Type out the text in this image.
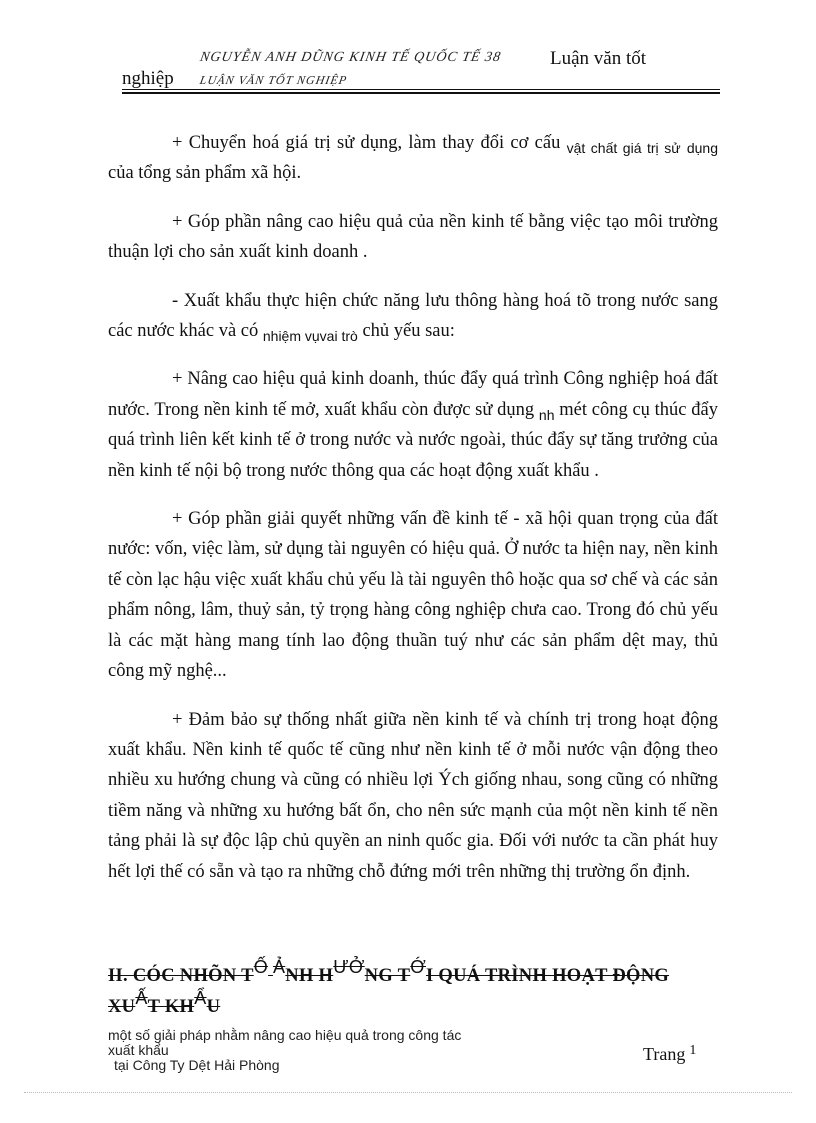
NGUYỄN ANH DŨNG KINH TẾ QUỐC TẾ 38
LUẬN VĂN TỐT NGHIỆP
Luận văn tốt
nghiệp

+ Chuyển hoá giá trị sử dụng, làm thay đổi cơ cấu $_{vật chất giá trị sử}$ $_{dụng}$ của tổng sản phẩm xã hội.

+ Góp phần nâng cao hiệu quả của nền kinh tế bằng việc tạo môi trường thuận lợi cho sản xuất kinh doanh .

- Xuất khẩu thực hiện chức năng lưu thông hàng hoá tõ trong nước sang các nước khác và có $_{nhiệm vụvai trò}$ chủ yếu sau:

+ Nâng cao hiệu quả kinh doanh, thúc đẩy quá trình Công nghiệp hoá đất nước. Trong nền kinh tế mở, xuất khẩu còn được sử dụng $_{nh}$ mét công cụ thúc đẩy quá trình liên kết kinh tế ở trong nước và nước ngoài, thúc đẩy sự tăng trưởng của nền kinh tế nội bộ trong nước thông qua các hoạt động xuất khẩu .

+ Góp phần giải quyết những vấn đề kinh tế - xã hội quan trọng của đất nước: vốn, việc làm, sử dụng tài nguyên có hiệu quả. Ở nước ta hiện nay, nền kinh tế còn lạc hậu việc xuất khẩu chủ yếu là tài nguyên thô hoặc qua sơ chế và các sản phẩm nông, lâm, thuỷ sản, tỷ trọng hàng công nghiệp chưa cao. Trong đó chủ yếu là các mặt hàng mang tính lao động thuần tuý như các sản phẩm dệt may, thủ công mỹ nghệ...

+ Đảm bảo sự thống nhất giữa nền kinh tế và chính trị trong hoạt động xuất khẩu. Nền kinh tế quốc tế cũng như nền kinh tế ở mỗi nước vận động theo nhiều xu hướng chung và cũng có nhiều lợi Ých giống nhau, song cũng có những tiềm năng và những xu hướng bất ổn, cho nên sức mạnh của một nền kinh tế nền tảng phải là sự độc lập chủ quyền an ninh quốc gia. Đối với nước ta cần phát huy hết lợi thế có sẵn và tạo ra những chỗ đứng mới trên những thị trường ổn định.

II. CÓC NHÕN TỐ ẢNH HƯỞNG TỚI QUÁ TRÌNH HOẠT ĐỘNG XUẤT KHẨU
một số giải pháp nhằm nâng cao hiệu quả trong công tác
xuất khẩu
tại Công Ty Dệt Hải Phòng
Trang $^1$
